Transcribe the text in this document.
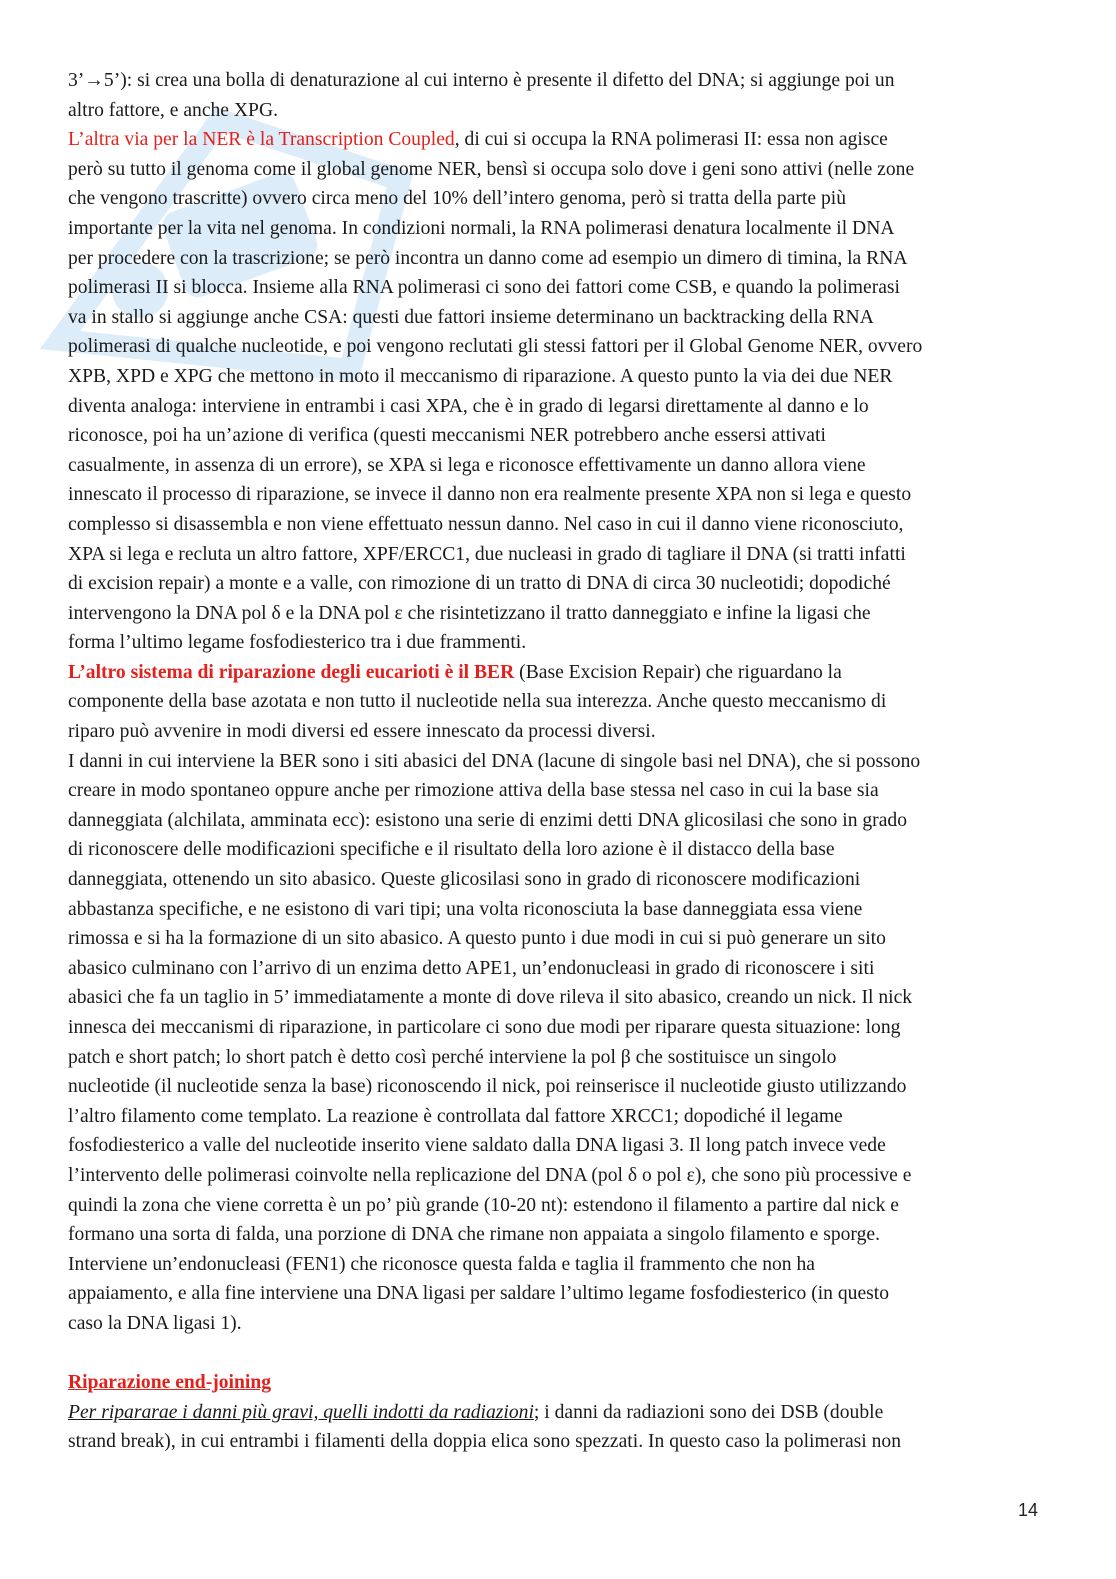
3’→5’): si crea una bolla di denaturazione al cui interno è presente il difetto del DNA; si aggiunge poi un
altro fattore, e anche XPG.
L’altra via per la NER è la Transcription Coupled, di cui si occupa la RNA polimerasi II: essa non agisce
però su tutto il genoma come il global genome NER, bensì si occupa solo dove i geni sono attivi (nelle zone
che vengono trascritte) ovvero circa meno del 10% dell’intero genoma, però si tratta della parte più
importante per la vita nel genoma. In condizioni normali, la RNA polimerasi denatura localmente il DNA
per procedere con la trascrizione; se però incontra un danno come ad esempio un dimero di timina, la RNA
polimerasi II si blocca. Insieme alla RNA polimerasi ci sono dei fattori come CSB, e quando la polimerasi
va in stallo si aggiunge anche CSA: questi due fattori insieme determinano un backtracking della RNA
polimerasi di qualche nucleotide, e poi vengono reclutati gli stessi fattori per il Global Genome NER, ovvero
XPB, XPD e XPG che mettono in moto il meccanismo di riparazione. A questo punto la via dei due NER
diventa analoga: interviene in entrambi i casi XPA, che è in grado di legarsi direttamente al danno e lo
riconosce, poi ha un’azione di verifica (questi meccanismi NER potrebbero anche essersi attivati
casualmente, in assenza di un errore), se XPA si lega e riconosce effettivamente un danno allora viene
innescato il processo di riparazione, se invece il danno non era realmente presente XPA non si lega e questo
complesso si disassembla e non viene effettuato nessun danno. Nel caso in cui il danno viene riconosciuto,
XPA si lega e recluta un altro fattore, XPF/ERCC1, due nucleasi in grado di tagliare il DNA (si tratti infatti
di excision repair) a monte e a valle, con rimozione di un tratto di DNA di circa 30 nucleotidi; dopodiché
intervengono la DNA pol δ e la DNA pol ε che risintetizzano il tratto danneggiato e infine la ligasi che
forma l’ultimo legame fosfodiesterico tra i due frammenti.
L’altro sistema di riparazione degli eucarioti è il BER (Base Excision Repair) che riguardano la
componente della base azotata e non tutto il nucleotide nella sua interezza. Anche questo meccanismo di
riparo può avvenire in modi diversi ed essere innescato da processi diversi.
I danni in cui interviene la BER sono i siti abasici del DNA (lacune di singole basi nel DNA), che si possono
creare in modo spontaneo oppure anche per rimozione attiva della base stessa nel caso in cui la base sia
danneggiata (alchilata, amminata ecc): esistono una serie di enzimi detti DNA glicosilasi che sono in grado
di riconoscere delle modificazioni specifiche e il risultato della loro azione è il distacco della base
danneggiata, ottenendo un sito abasico. Queste glicosilasi sono in grado di riconoscere modificazioni
abbastanza specifiche, e ne esistono di vari tipi; una volta riconosciuta la base danneggiata essa viene
rimossa e si ha la formazione di un sito abasico. A questo punto i due modi in cui si può generare un sito
abasico culminano con l’arrivo di un enzima detto APE1, un’endonucleasi in grado di riconoscere i siti
abasici che fa un taglio in 5’ immediatamente a monte di dove rileva il sito abasico, creando un nick. Il nick
innesca dei meccanismi di riparazione, in particolare ci sono due modi per riparare questa situazione: long
patch e short patch; lo short patch è detto così perché interviene la pol β che sostituisce un singolo
nucleotide (il nucleotide senza la base) riconoscendo il nick, poi reinserisce il nucleotide giusto utilizzando
l’altro filamento come templato. La reazione è controllata dal fattore XRCC1; dopodiché il legame
fosfodiesterico a valle del nucleotide inserito viene saldato dalla DNA ligasi 3. Il long patch invece vede
l’intervento delle polimerasi coinvolte nella replicazione del DNA (pol δ o pol ε), che sono più processive e
quindi la zona che viene corretta è un po’ più grande (10-20 nt): estendono il filamento a partire dal nick e
formano una sorta di falda, una porzione di DNA che rimane non appaiata a singolo filamento e sporge.
Interviene un’endonucleasi (FEN1) che riconosce questa falda e taglia il frammento che non ha
appaiamento, e alla fine interviene una DNA ligasi per saldare l’ultimo legame fosfodiesterico (in questo
caso la DNA ligasi 1).
Riparazione end-joining
Per ripararae i danni più gravi, quelli indotti da radiazioni; i danni da radiazioni sono dei DSB (double
strand break), in cui entrambi i filamenti della doppia elica sono spezzati. In questo caso la polimerasi non
14
